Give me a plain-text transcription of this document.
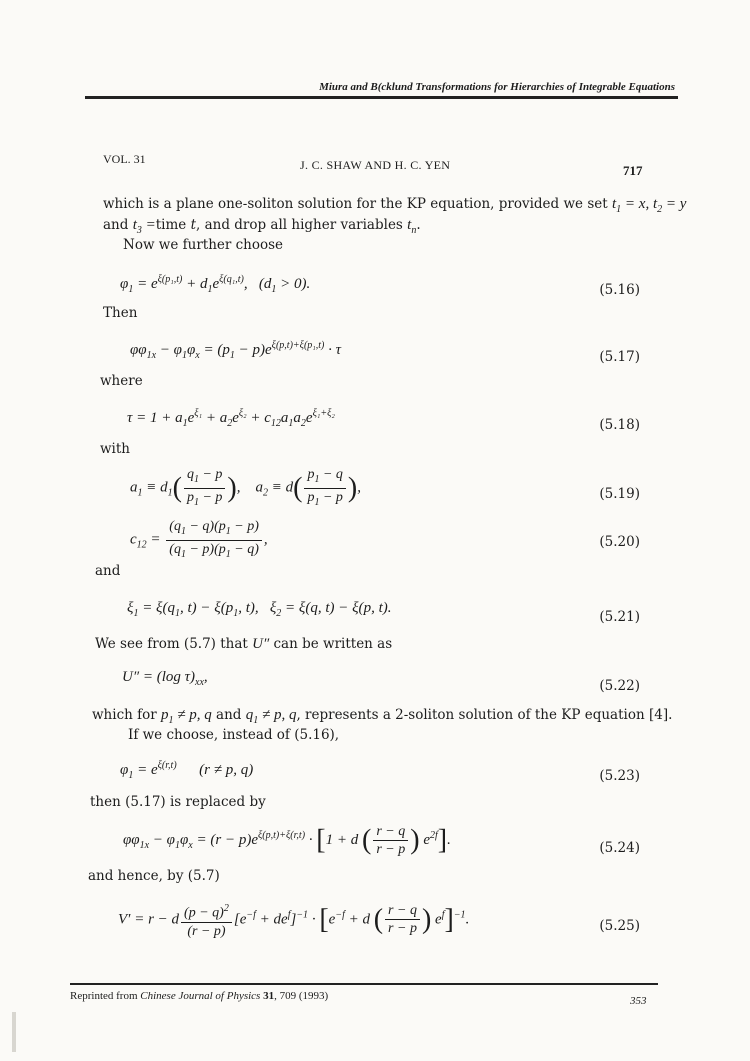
Miura and B(cklund Transformations for Hierarchies of Integrable Equations
VOL. 31	J. C. SHAW AND H. C. YEN	717
which is a plane one-soliton solution for the KP equation, provided we set $t_1 = x$, $t_2 = y$
and $t_3$ =time t, and drop all higher variables $t_n$.
Now we further choose
$\varphi_1 = e^{\xi(p_1,t)} + d_1e^{\xi(q_1,t)}$,   $(d_1 > 0)$.	(5.16)
Then
$\varphi\varphi_{1x} - \varphi_1\varphi_x = (p_1 - p)e^{\xi(p,t)+\xi(p_1,t)} \cdot \tau$	(5.17)
where
$\tau = 1 + a_1e^{\xi_1} + a_2e^{\xi_2} + c_{12}a_1a_2e^{\xi_1+\xi_2}$
(5.18)
with
$a_1 \equiv d_1( \frac{q_1 - p}{p_1 - p}$ ),    $a_2 \equiv d( \frac{p_1 - q}{p_1 - p}$ ),	(5.19)
$c_{12} = \frac{(q_1 - q)(p_1 - p)}{(q_1 - p)(p_1 - q)}$ ,	(5.20)
and
$\xi_1 = \xi(q_1$, $t) - \xi(p_1$, t),   $\xi_2 = \xi(q$, t) − ξ(p, t).
(5.21)
We see from (5.7) that U″ can be written as
U″ = (log $\tau)_{xx}$,
(5.22)
which for $p_1 \ne p$, q and $q_1 \ne p$, q, represents a 2-soliton solution of the KP equation [4].
If we choose, instead of (5.16),
$\varphi_1 = e^{\xi(r,t)}$      (r ≠ p, q)	(5.23)
then (5.17) is replaced by
$\varphi\varphi_{1x} - \varphi_1\varphi_x = (r - p)e^{\xi(p,t)+\xi(r,t)} \cdot [1 + d$ ( $\frac{r - q}{r - p}$ ) $e^{2f}$].
(5.24)
and hence, by (5.7)
V′ = r − d $\frac{(p - q)^2}{(r - p)} [e^{-f} + de^f]^{-1} \cdot [e^{-f} + d$ ( $\frac{r - q}{r - p}$ ) $e^f]^{-1}$.	(5.25)
Reprinted from Chinese Journal of Physics 31, 709 (1993)	353
